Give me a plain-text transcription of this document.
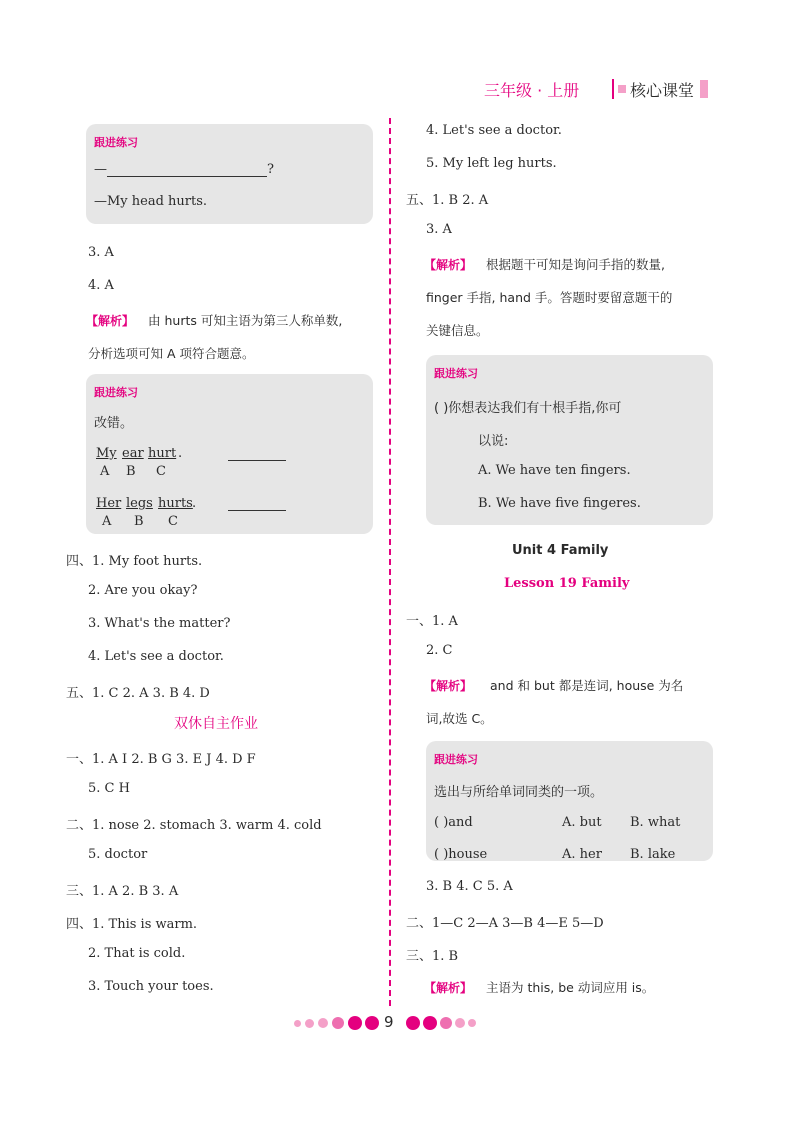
三年级 · 上册	核心课堂
跟进练习
—	?
—My head hurts.
3. A
4. A
【解析】 由 hurts 可知主语为第三人称单数,
分析选项可知 A 项符合题意。
跟进练习
改错。
My ear hurt .
A B C
Her legs hurts .
A B C
四、1. My foot hurts.
2. Are you okay?
3. What's the matter?
4. Let's see a doctor.
五、1. C 2. A 3. B 4. D
双休自主作业
一、1. A I 2. B G 3. E J 4. D F
5. C H
二、1. nose 2. stomach 3. warm 4. cold
5. doctor
三、1. A 2. B 3. A
四、1. This is warm.
2. That is cold.
3. Touch your toes.
4. Let's see a doctor.
5. My left leg hurts.
五、1. B 2. A
3. A
【解析】 根据题干可知是询问手指的数量,
finger 手指, hand 手。答题时要留意题干的
关键信息。
跟进练习
( )你想表达我们有十根手指,你可
以说:
A. We have ten fingers.
B. We have five fingeres.
Unit 4 Family
Lesson 19 Family
一、1. A
2. C
【解析】 and 和 but 都是连词, house 为名
词,故选 C。
跟进练习
选出与所给单词同类的一项。
( )and	A. but B. what
( )house	A. her B. lake
3. B 4. C 5. A
二、1—C 2—A 3—B 4—E 5—D
三、1. B
【解析】 主语为 this, be 动词应用 is。
9
